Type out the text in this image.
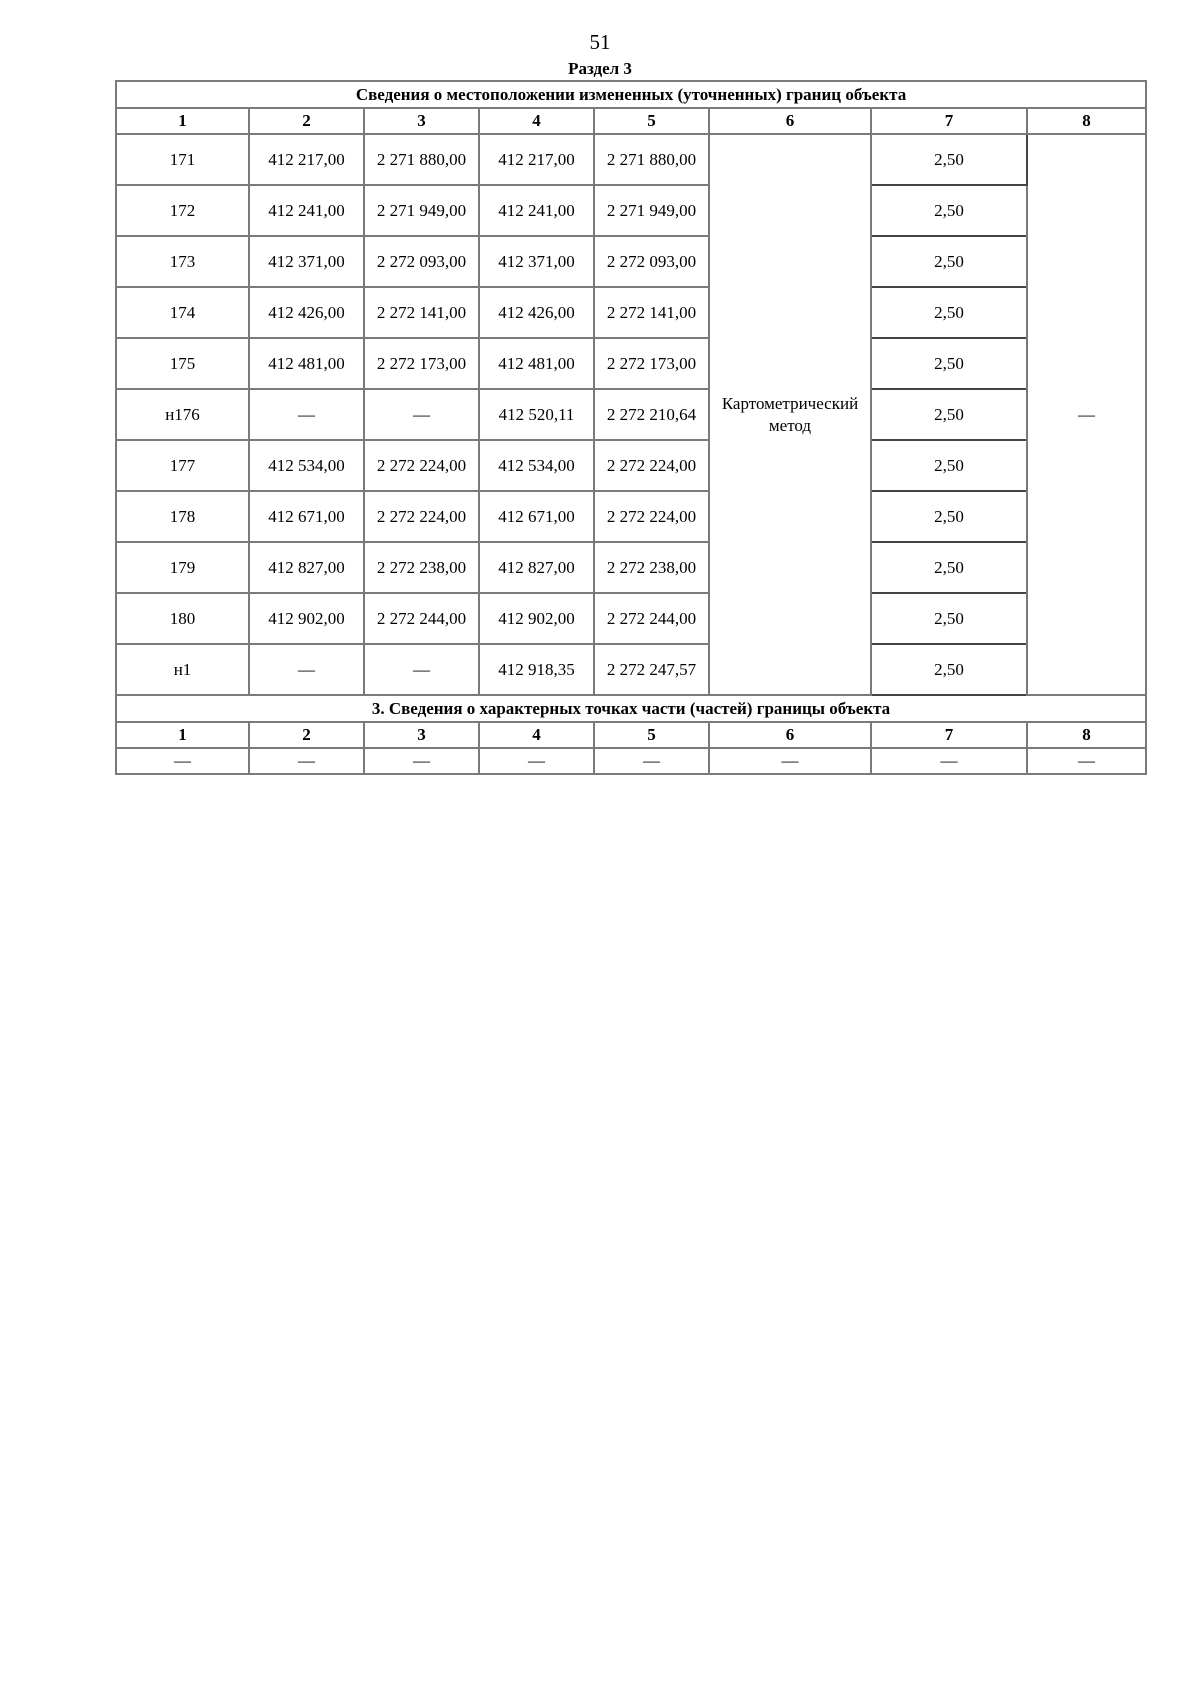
51
Раздел 3
Сведения о местоположении измененных (уточненных) границ объекта							
1	2	3	4	5	6	7	8
171	412 217,00	2 271 880,00	412 217,00	2 271 880,00	Картометрический метод	2,50	—
172	412 241,00	2 271 949,00	412 241,00	2 271 949,00		2,50	
173	412 371,00	2 272 093,00	412 371,00	2 272 093,00		2,50	
174	412 426,00	2 272 141,00	412 426,00	2 272 141,00		2,50	
175	412 481,00	2 272 173,00	412 481,00	2 272 173,00		2,50	
н176	—	—	412 520,11	2 272 210,64		2,50	
177	412 534,00	2 272 224,00	412 534,00	2 272 224,00		2,50	
178	412 671,00	2 272 224,00	412 671,00	2 272 224,00		2,50	
179	412 827,00	2 272 238,00	412 827,00	2 272 238,00		2,50	
180	412 902,00	2 272 244,00	412 902,00	2 272 244,00		2,50	
н1	—	—	412 918,35	2 272 247,57		2,50	
3. Сведения о характерных точках части (частей) границы объекта							
1	2	3	4	5	6	7	8
—	—	—	—	—	—	—	—
